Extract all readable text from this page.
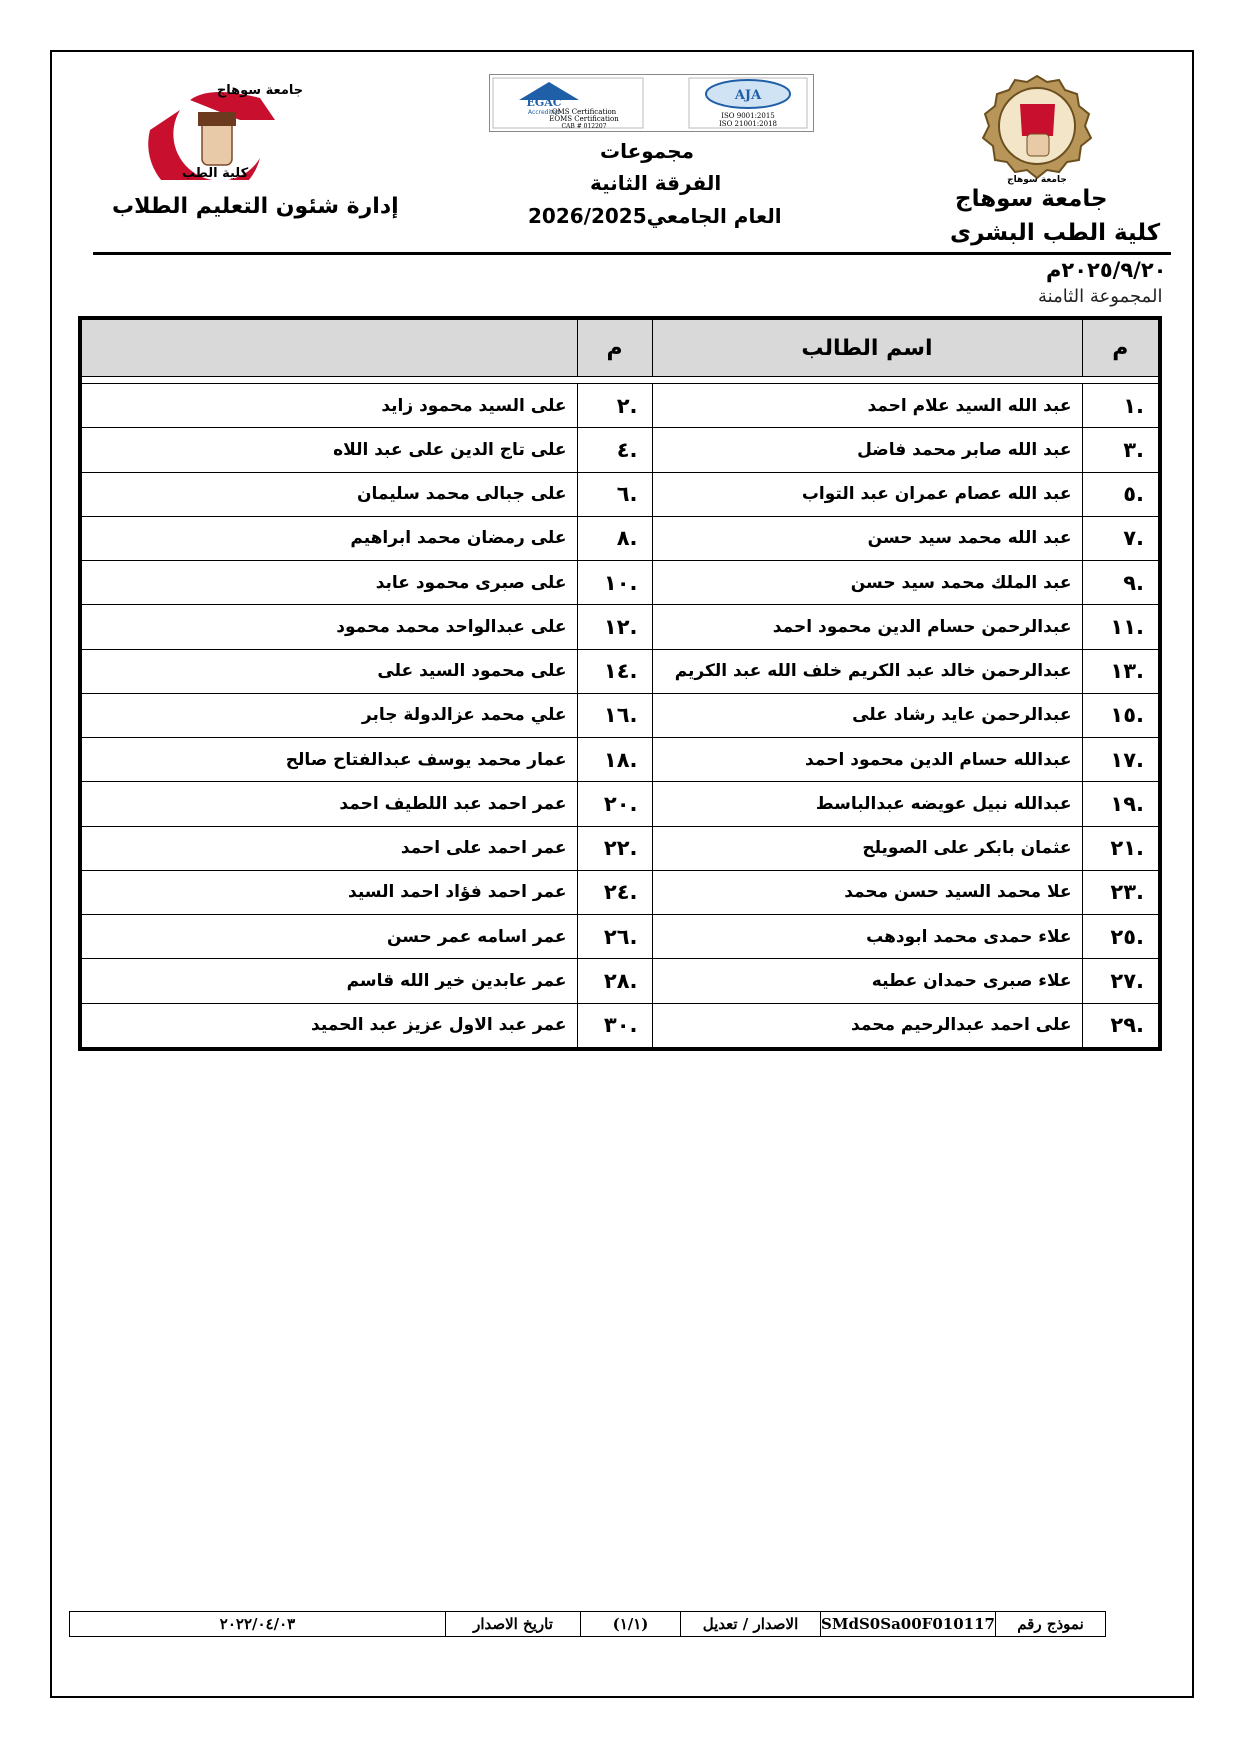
جامعة سوهاج
كلية الطب
EGAC
Accredited
QMS Certification
EOMS Certification
CAB # 012207
AJA
ISO 9001:2015
ISO 21001:2018
جامعة سوهاج
جامعة سوهاج
كلية الطب البشرى
إدارة شئون التعليم الطلاب
مجموعات
الفرقة الثانية
العام الجامعي2026/2025
٢٠٢٥/٩/٢٠م
المجموعة الثامنة
م	اسم الطالب	م	

.١	عبد الله السيد علام احمد	.٢	على السيد محمود زايد
.٣	عبد الله صابر محمد فاضل	.٤	على تاج الدين على عبد اللاه
.٥	عبد الله عصام عمران عبد التواب	.٦	على جبالى محمد سليمان
.٧	عبد الله محمد سيد حسن	.٨	على رمضان محمد ابراهيم
.٩	عبد الملك محمد سيد حسن	.١٠	على صبرى محمود عابد
.١١	عبدالرحمن حسام الدين محمود احمد	.١٢	على عبدالواحد محمد محمود
.١٣	عبدالرحمن خالد عبد الكريم خلف الله عبد الكريم	.١٤	على محمود السيد على
.١٥	عبدالرحمن عايد رشاد على	.١٦	علي محمد عزالدولة جابر
.١٧	عبدالله حسام الدين محمود احمد	.١٨	عمار محمد يوسف عبدالفتاح صالح
.١٩	عبدالله نبيل عويضه عبدالباسط	.٢٠	عمر احمد عبد اللطيف احمد
.٢١	عثمان بابكر على الصويلح	.٢٢	عمر احمد على احمد
.٢٣	علا محمد السيد حسن محمد	.٢٤	عمر احمد فؤاد احمد السيد
.٢٥	علاء حمدى محمد ابودهب	.٢٦	عمر اسامه عمر حسن
.٢٧	علاء صبرى حمدان عطيه	.٢٨	عمر عابدين خير الله قاسم
.٢٩	على احمد عبدالرحيم محمد	.٣٠	عمر عبد الاول عزيز عبد الحميد
نموذج رقم	SMdS0Sa00F010117	الاصدار / تعديل	(١/١)	تاريخ الاصدار	٢٠٢٢/٠٤/٠٣
